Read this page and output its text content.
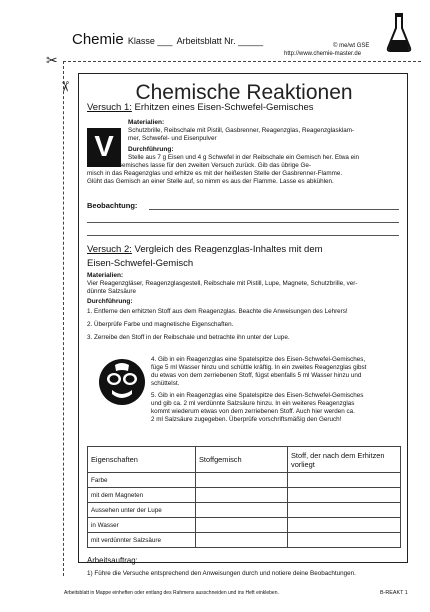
Chemie Klasse ___ Arbeitsblatt Nr. _____	© me/wt GSE
http://www.chemie-master.de
✂
✂	Chemische Reaktionen
Versuch 1: Erhitzen eines Eisen-Schwefel-Gemisches
V
Materialien:
Schutzbrille, Reibschale mit Pistill, Gasbrenner, Reagenzglas, Reagenzglasklam-
mer, Schwefel- und Eisenpulver
Durchführung:
Stelle aus 7 g Eisen und 4 g Schwefel in der Reibschale ein Gemisch her. Etwa ein
Drittel des Gemisches lasse für den zweiten Versuch zurück. Gib das übrige Ge-
misch in das Reagenzglas und erhitze es mit der heißesten Stelle der Gasbrenner-Flamme.
Glüht das Gemisch an einer Stelle auf, so nimm es aus der Flamme. Lasse es abkühlen.
Beobachtung:
Versuch 2: Vergleich des Reagenzglas-Inhaltes mit dem
Eisen-Schwefel-Gemisch
Materialien:
Vier Reagenzgläser, Reagenzglasgestell, Reibschale mit Pistill, Lupe, Magnete, Schutzbrille, ver-
dünnte Salzsäure
Durchführung:
1. Entferne den erhitzten Stoff aus dem Reagenzglas. Beachte die Anweisungen des Lehrers!
2. Überprüfe Farbe und magnetische Eigenschaften.
3. Zerreibe den Stoff in der Reibschale und betrachte ihn unter der Lupe.
4. Gib in ein Reagenzglas eine Spatelspitze des Eisen-Schwefel-Gemisches,
füge 5 ml Wasser hinzu und schüttle kräftig. In ein zweites Reagenzglas gibst
du etwas von dem zerriebenen Stoff, fügst ebenfalls 5 ml Wasser hinzu und
schüttelst.
5. Gib in ein Reagenzglas eine Spatelspitze des Eisen-Schwefel-Gemisches
und gib ca. 2 ml verdünnte Salzsäure hinzu. In ein weiteres Reagenzglas
kommt wiederum etwas von dem zerriebenen Stoff. Auch hier werden ca.
2 ml Salzsäure zugegeben. Überprüfe vorschriftsmäßig den Geruch!
Eigenschaften	Stoffgemisch	Stoff, der nach dem Erhitzen vorliegt
Farbe		
mit dem Magneten		
Aussehen unter der Lupe		
in Wasser		
mit verdünnter Salzsäure		
Arbeitsauftrag:
1) Führe die Versuche entsprechend den Anweisungen durch und notiere deine Beobachtungen.
Arbeitsblatt in Mappe einheften oder entlang des Rahmens ausschneiden und ins Heft einkleben.	B-REAKT 1
